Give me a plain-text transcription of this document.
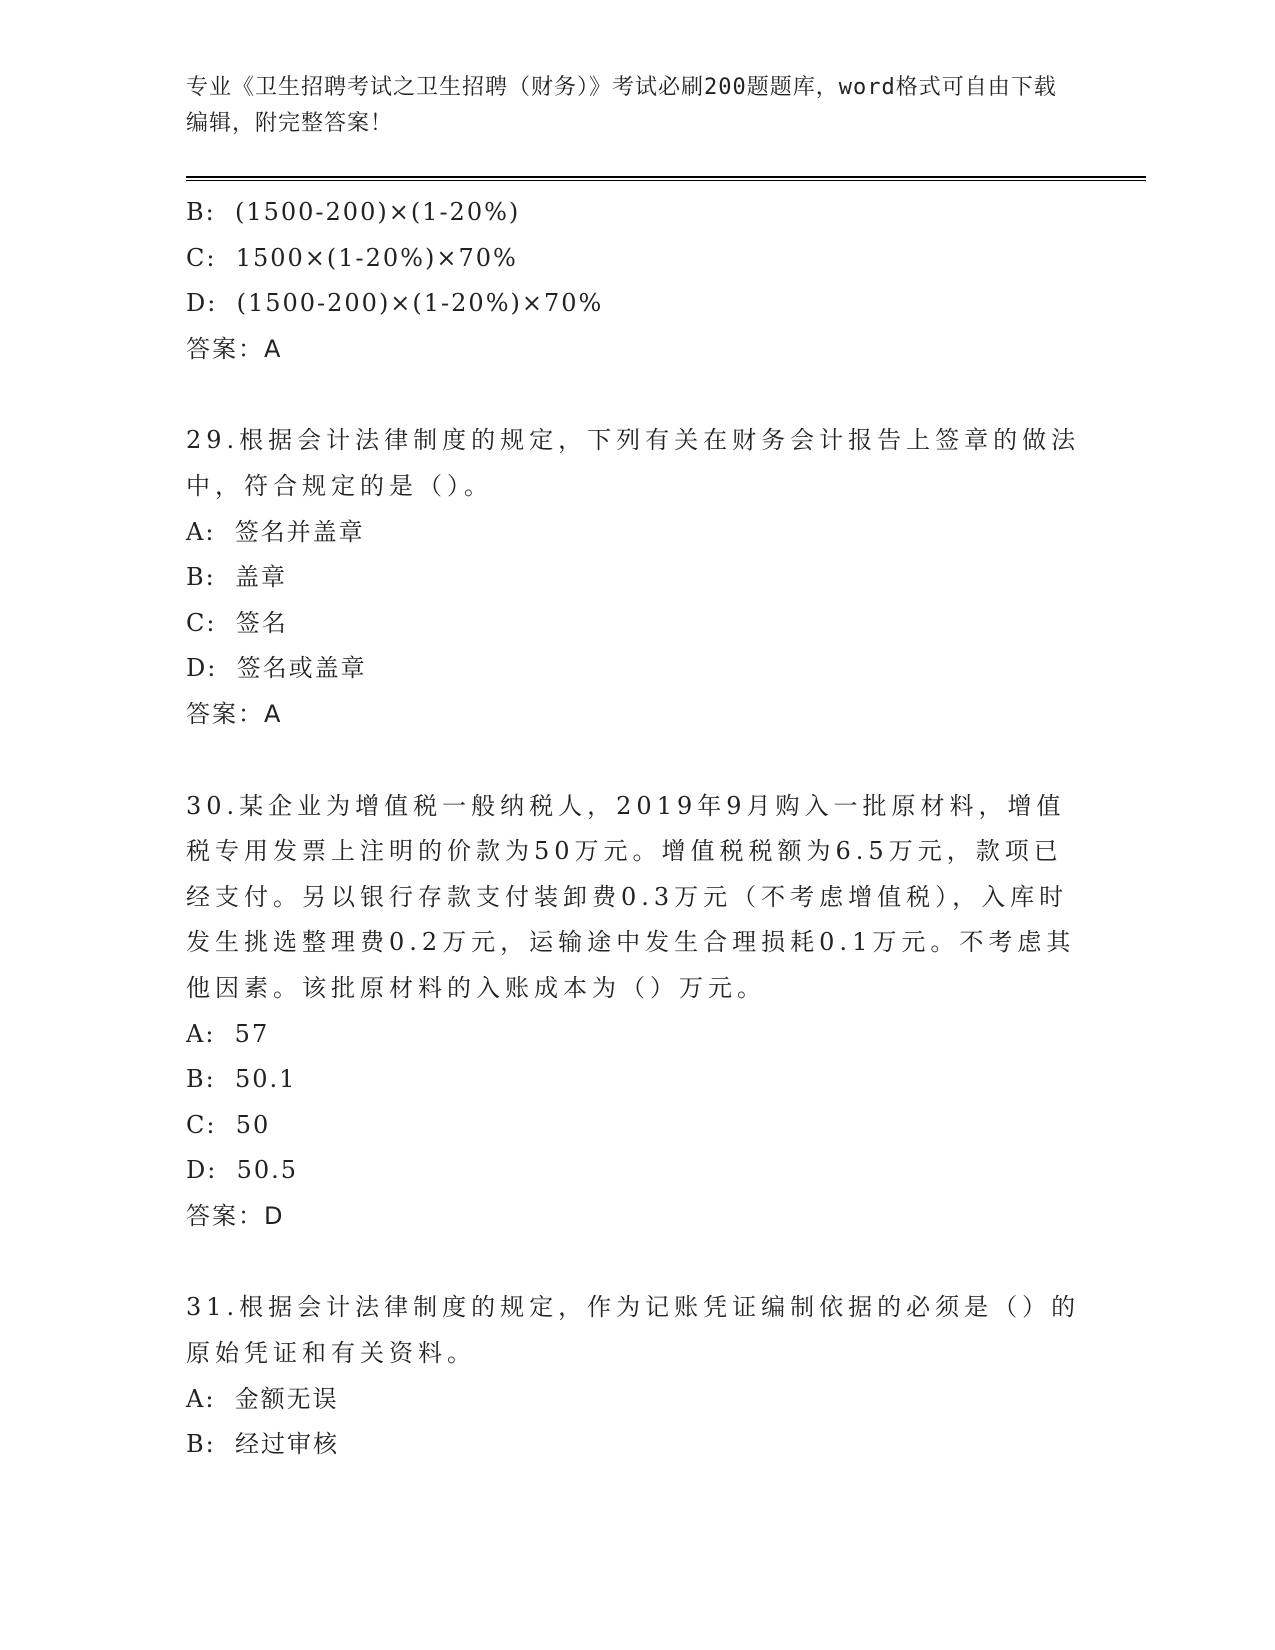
专业《卫生招聘考试之卫生招聘（财务）》考试必刷200题题库，word格式可自由下载编辑，附完整答案！
B:  (1500-200)×(1-20%)
C:  1500×(1-20%)×70%
D:  (1500-200)×(1-20%)×70%
答案：A
29.根据会计法律制度的规定，下列有关在财务会计报告上签章的做法中，符合规定的是（）。
A:  签名并盖章
B:  盖章
C:  签名
D:  签名或盖章
答案：A
30.某企业为增值税一般纳税人，2019年9月购入一批原材料，增值税专用发票上注明的价款为50万元。增值税税额为6.5万元，款项已经支付。另以银行存款支付装卸费0.3万元（不考虑增值税），入库时发生挑选整理费0.2万元，运输途中发生合理损耗0.1万元。不考虑其他因素。该批原材料的入账成本为（）万元。
A:  57
B:  50.1
C:  50
D:  50.5
答案：D
31.根据会计法律制度的规定，作为记账凭证编制依据的必须是（）的原始凭证和有关资料。
A:  金额无误
B:  经过审核
